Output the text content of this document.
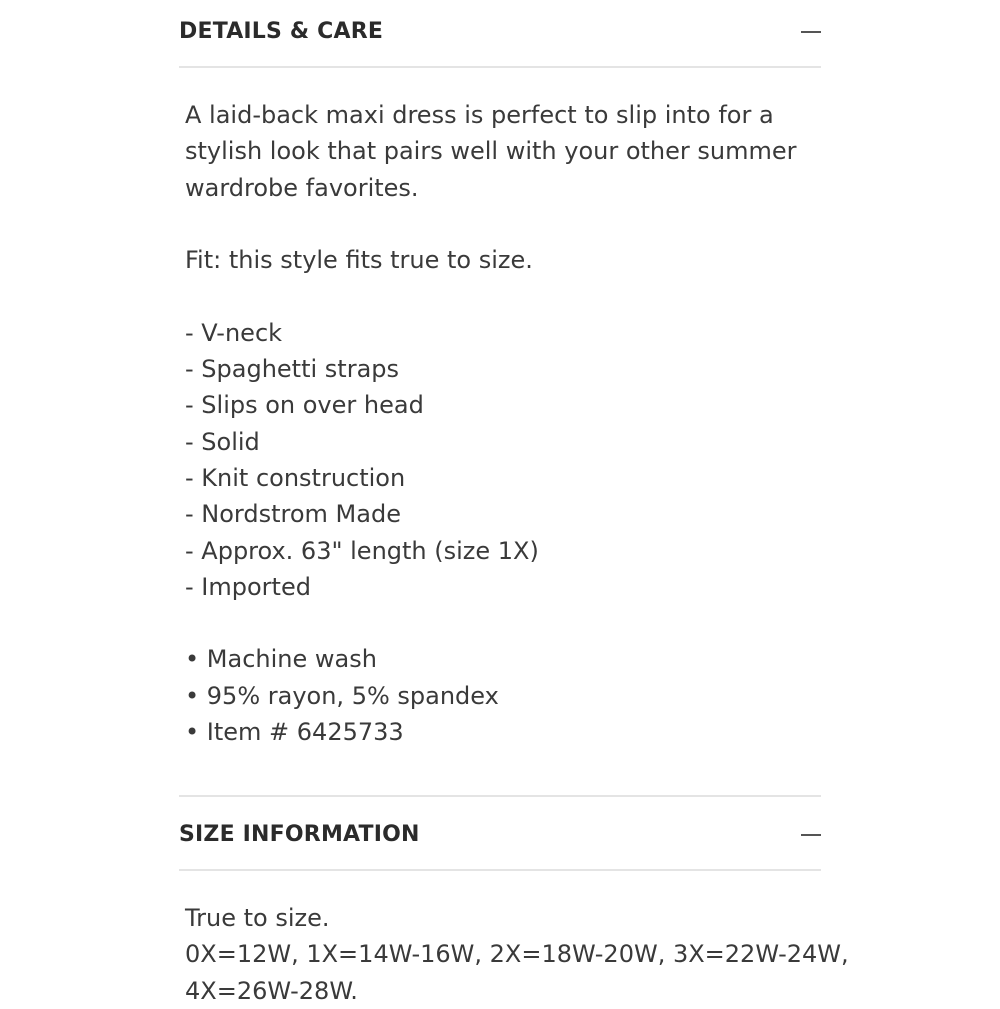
DETAILS & CARE
A laid-back maxi dress is perfect to slip into for a
stylish look that pairs well with your other summer
wardrobe favorites.
Fit: this style fits true to size.
- V-neck
- Spaghetti straps
- Slips on over head
- Solid
- Knit construction
- Nordstrom Made
- Approx. 63" length (size 1X)
- Imported
• Machine wash
• 95% rayon, 5% spandex
• Item # 6425733
SIZE INFORMATION
True to size.
0X=12W, 1X=14W-16W, 2X=18W-20W, 3X=22W-24W,
4X=26W-28W.
